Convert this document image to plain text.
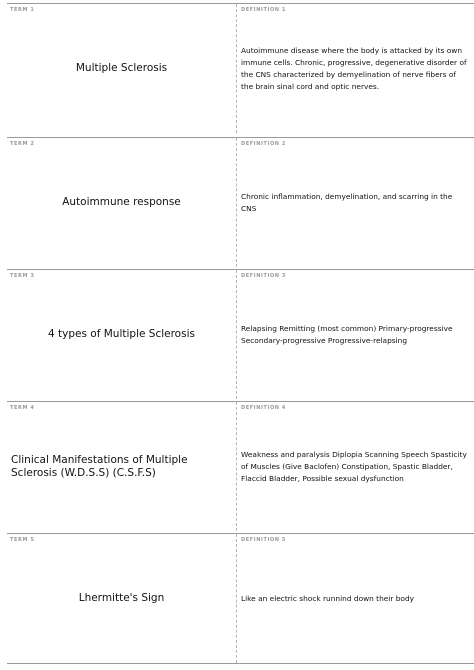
TERM 1	DEFINITION 1
Multiple Sclerosis
Autoimmune disease where the body is attacked by its own immune cells. Chronic, progressive, degenerative disorder of the CNS characterized by demyelination of nerve fibers of the brain sinal cord and optic nerves.
TERM 2	DEFINITION 2
Autoimmune response	Chronic inflammation, demyelination, and scarring in the CNS
TERM 3	DEFINITION 3
4 types of Multiple Sclerosis	Relapsing Remitting (most common) Primary-progressive Secondary-progressive Progressive-relapsing
TERM 4	DEFINITION 4
Clinical Manifestations of Multiple Sclerosis (W.D.S.S) (C.S.F.S)
Weakness and paralysis Diplopia Scanning Speech Spasticity of Muscles (Give Baclofen) Constipation, Spastic Bladder, Flaccid Bladder, Possible sexual dysfunction
TERM 5	DEFINITION 5
Lhermitte's Sign	Like an electric shock runnind down their body
